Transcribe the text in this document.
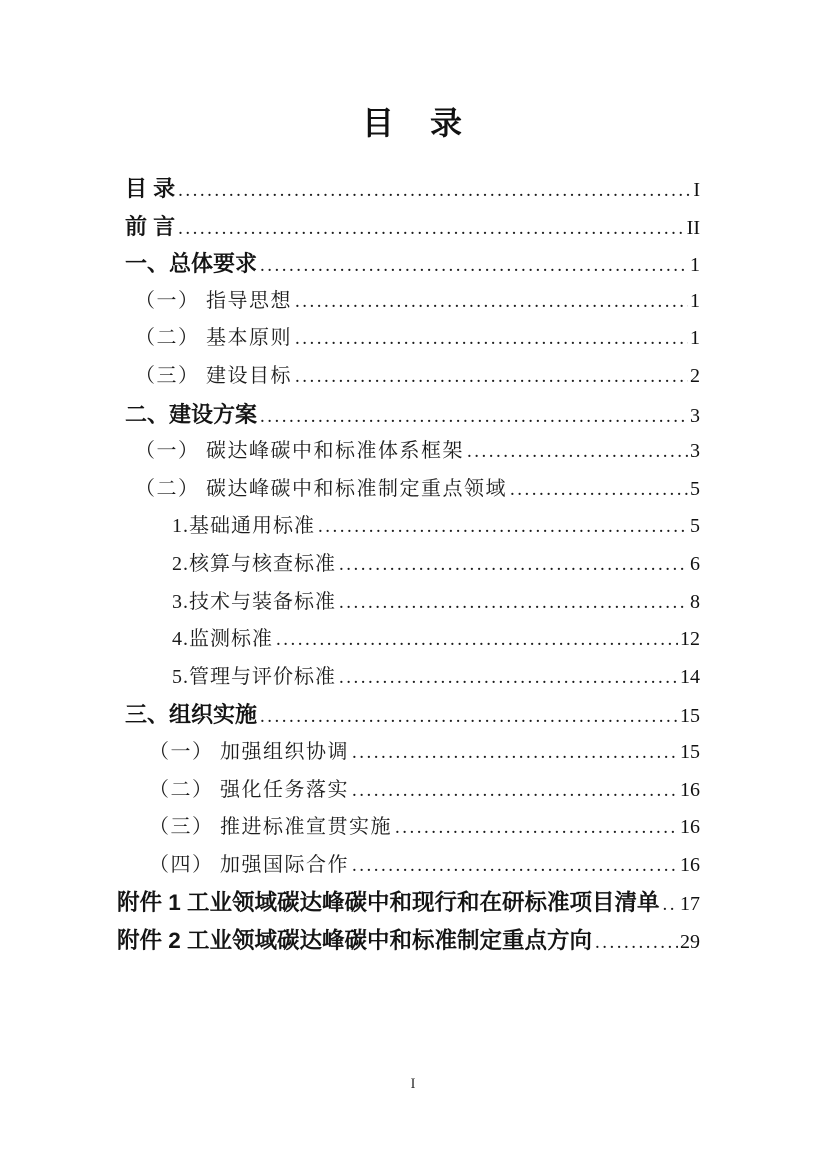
目　录
目 录 .....	I
前 言 .....	II
一、总体要求 .....	1
（一） 指导思想 .....	1
（二） 基本原则 .....	1
（三） 建设目标 .....	2
二、建设方案 .....	3
（一） 碳达峰碳中和标准体系框架 .....	3
（二） 碳达峰碳中和标准制定重点领域 .....	5
1.基础通用标准 .....	5
2.核算与核查标准 .....	6
3.技术与装备标准 .....	8
4.监测标准 .....	12
5.管理与评价标准 .....	14
三、组织实施 .....	15
（一） 加强组织协调 .....	15
（二） 强化任务落实 .....	16
（三） 推进标准宣贯实施 .....	16
（四） 加强国际合作 .....	16
附件 1 工业领域碳达峰碳中和现行和在研标准项目清单 ..... 17
附件 2 工业领域碳达峰碳中和标准制定重点方向 .....	29
I
